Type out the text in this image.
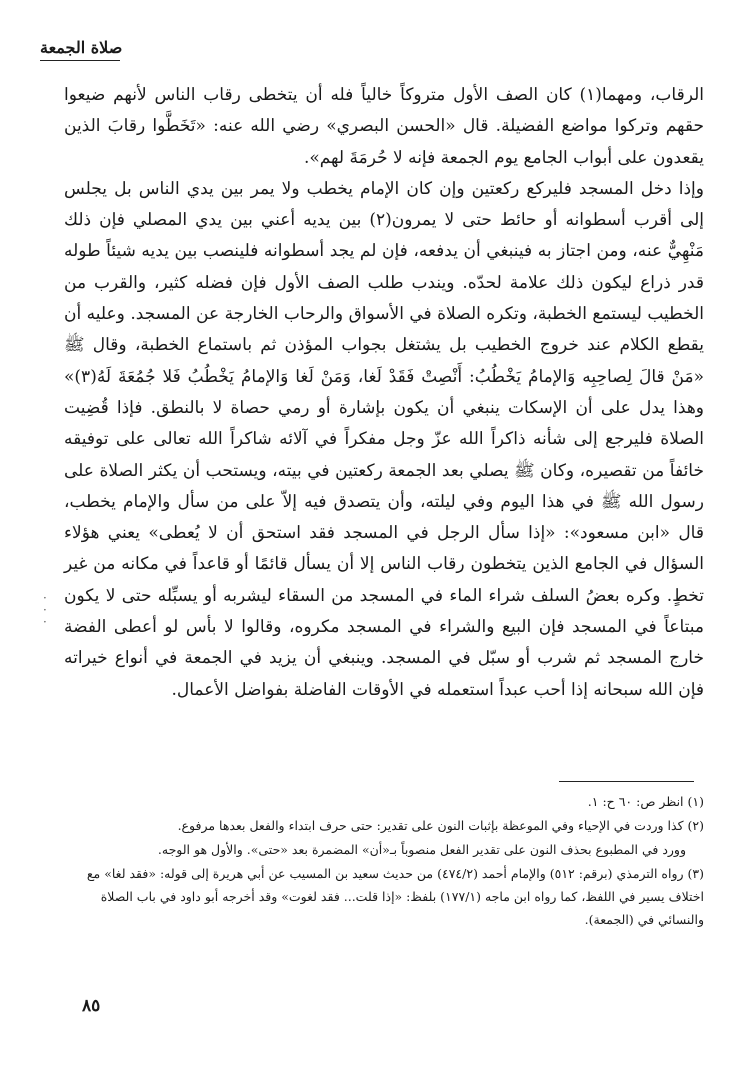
صلاة الجمعة

الرقاب، ومهما(١) كان الصف الأول متروكاً خالياً فله أن يتخطى رقاب الناس لأنهم ضيعوا حقهم وتركوا مواضع الفضيلة. قال «الحسن البصري» رضي الله عنه: «تَخَطَّوا رقابَ الذين يقعدون على أبواب الجامع يوم الجمعة فإنه لا حُرمَةَ لهم».

وإذا دخل المسجد فليركع ركعتين وإن كان الإمام يخطب ولا يمر بين يدي الناس بل يجلس إلى أقرب أسطوانه أو حائط حتى لا يمرون(٢) بين يديه أعني بين يدي المصلي فإن ذلك مَنْهِيٌّ عنه، ومن اجتاز به فينبغي أن يدفعه، فإن لم يجد أسطوانه فلينصب بين يديه شيئاً طوله قدر ذراع ليكون ذلك علامة لحدّه. ويندب طلب الصف الأول فإن فضله كثير، والقرب من الخطيب ليستمع الخطبة، وتكره الصلاة في الأسواق والرحاب الخارجة عن المسجد. وعليه أن يقطع الكلام عند خروج الخطيب بل يشتغل بجواب المؤذن ثم باستماع الخطبة، وقال ﷺ «مَنْ قالَ لِصاحِبِه وَالإمامُ يَخْطُبُ: أَنْصِتْ فَقَدْ لَغا، وَمَنْ لَغا وَالإمامُ يَخْطُبُ فَلا جُمُعَةَ لَهُ(٣)» وهذا يدل على أن الإسكات ينبغي أن يكون بإشارة أو رمي حصاة لا بالنطق. فإذا قُضِيت الصلاة فليرجع إلى شأنه ذاكراً الله عزّ وجل مفكراً في آلائه شاكراً الله تعالى على توفيقه خائفاً من تقصيره، وكان ﷺ يصلي بعد الجمعة ركعتين في بيته، ويستحب أن يكثر الصلاة على رسول الله ﷺ في هذا اليوم وفي ليلته، وأن يتصدق فيه إلاّ على من سأل والإمام يخطب، قال «ابن مسعود»: «إذا سأل الرجل في المسجد فقد استحق أن لا يُعطى» يعني هؤلاء السؤال في الجامع الذين يتخطون رقاب الناس إلا أن يسأل قائمًا أو قاعداً في مكانه من غير تخطٍ. وكره بعضُ السلف شراء الماء في المسجد من السقاء ليشربه أو يسبِّله حتى لا يكون مبتاعاً في المسجد فإن البيع والشراء في المسجد مكروه، وقالوا لا بأس لو أعطى الفضة خارج المسجد ثم شرب أو سبّل في المسجد. وينبغي أن يزيد في الجمعة في أنواع خيراته فإن الله سبحانه إذا أحب عبداً استعمله في الأوقات الفاضلة بفواضل الأعمال.

·
·
·

(١) انظر ص: ٦٠ ح: ١.

(٢) كذا وردت في الإحياء وفي الموعظة بإثبات النون على تقدير: حتى حرف ابتداء والفعل بعدها مرفوع.

وورد في المطبوع بحذف النون على تقدير الفعل منصوباً بـ«أن» المضمرة بعد «حتى». والأول هو الوجه.

(٣) رواه الترمذي (برقم: ٥١٢) والإمام أحمد (٤٧٤/٢) من حديث سعيد بن المسيب عن أبي هريرة إلى قوله: «فقد لغا» مع اختلاف يسير في اللفظ، كما رواه ابن ماجه (١٧٧/١) بلفظ: «إذا قلت... فقد لغوت» وقد أخرجه أبو داود في باب الصلاة والنسائي في (الجمعة).

٨٥
